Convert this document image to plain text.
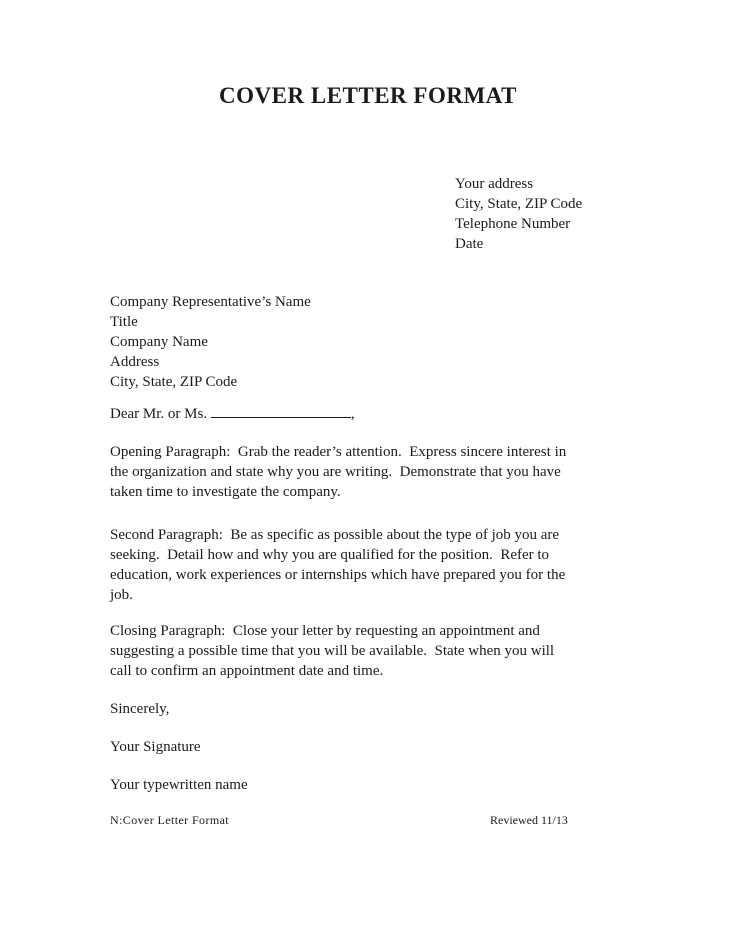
COVER LETTER FORMAT
Your address
City, State, ZIP Code
Telephone Number
Date
Company Representative’s Name
Title
Company Name
Address
City, State, ZIP Code
Dear Mr. or Ms.	,
Opening Paragraph:  Grab the reader’s attention.  Express sincere interest in
the organization and state why you are writing.  Demonstrate that you have
taken time to investigate the company.
Second Paragraph:  Be as specific as possible about the type of job you are
seeking.  Detail how and why you are qualified for the position.  Refer to
education, work experiences or internships which have prepared you for the
job.
Closing Paragraph:  Close your letter by requesting an appointment and
suggesting a possible time that you will be available.  State when you will
call to confirm an appointment date and time.
Sincerely,
Your Signature
Your typewritten name
N:Cover Letter Format	Reviewed 11/13
